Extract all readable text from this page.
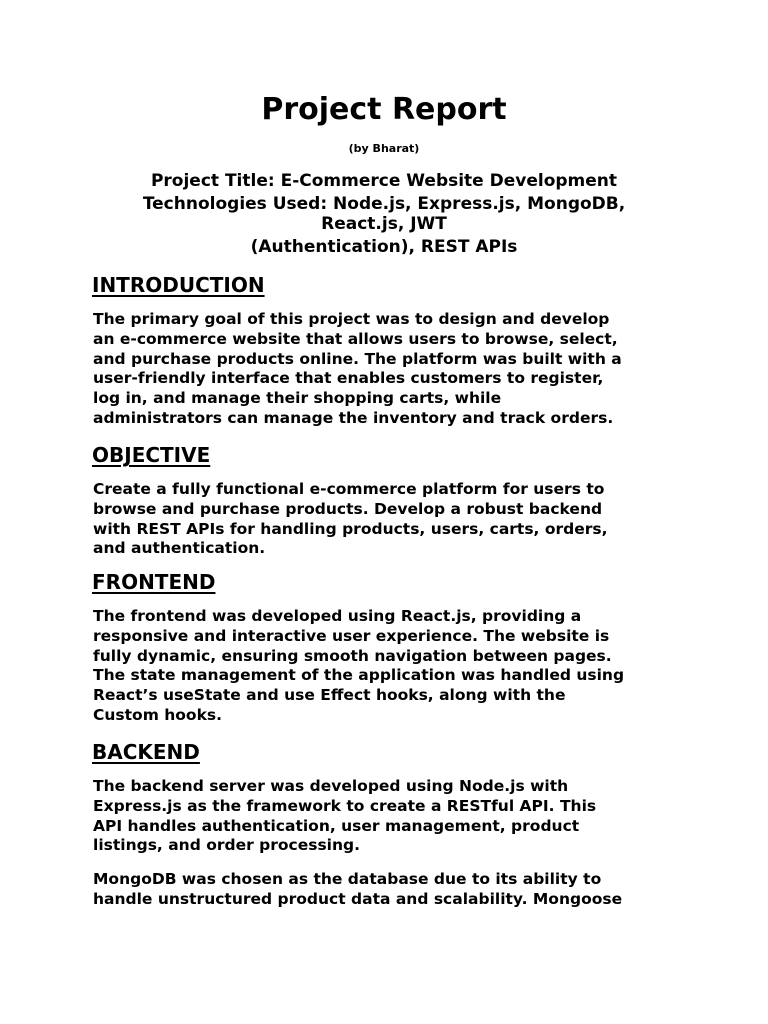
Project Report
(by Bharat)
Project Title: E-Commerce Website Development
Technologies Used: Node.js, Express.js, MongoDB,
React.js, JWT
(Authentication), REST APIs
INTRODUCTION

The primary goal of this project was to design and develop
an e-commerce website that allows users to browse, select,
and purchase products online. The platform was built with a
user-friendly interface that enables customers to register,
log in, and manage their shopping carts, while
administrators can manage the inventory and track orders.

OBJECTIVE

Create a fully functional e-commerce platform for users to
browse and purchase products. Develop a robust backend
with REST APIs for handling products, users, carts, orders,
and authentication.

FRONTEND

The frontend was developed using React.js, providing a
responsive and interactive user experience. The website is
fully dynamic, ensuring smooth navigation between pages.
The state management of the application was handled using
React’s useState and use Effect hooks, along with the
Custom hooks.

BACKEND

The backend server was developed using Node.js with
Express.js as the framework to create a RESTful API. This
API handles authentication, user management, product
listings, and order processing.

MongoDB was chosen as the database due to its ability to
handle unstructured product data and scalability. Mongoose
